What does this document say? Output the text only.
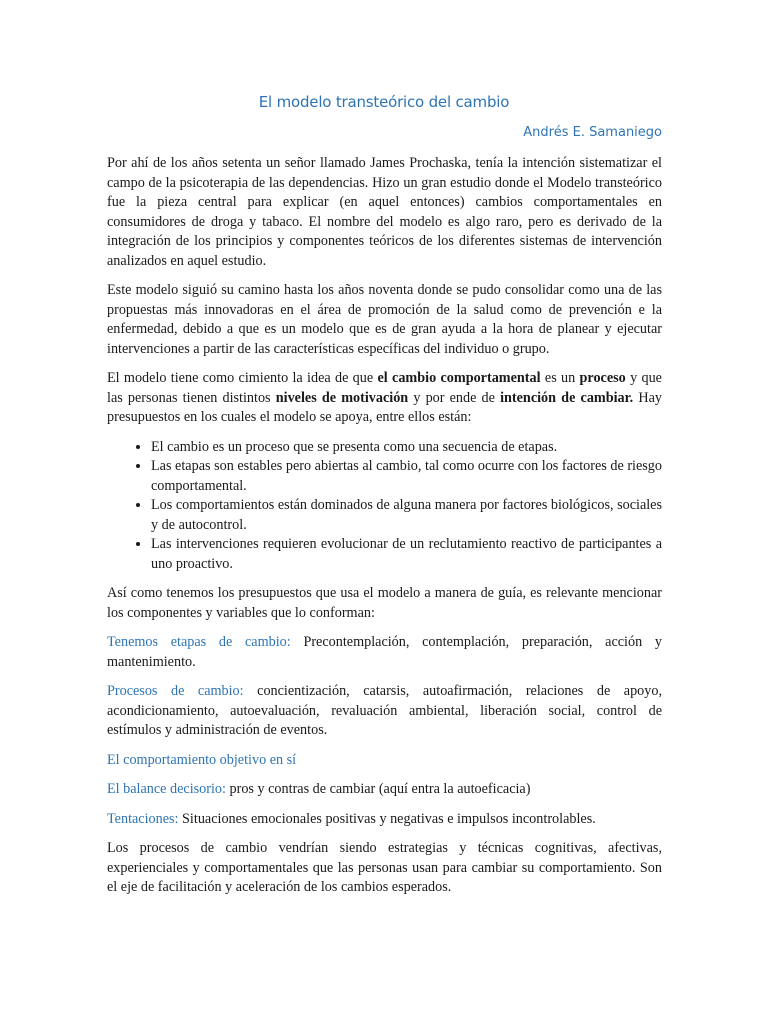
El modelo transteórico del cambio
Andrés E. Samaniego

Por ahí de los años setenta un señor llamado James Prochaska, tenía la intención sistematizar el campo de la psicoterapia de las dependencias. Hizo un gran estudio donde el Modelo transteórico fue la pieza central para explicar (en aquel entonces) cambios comportamentales en consumidores de droga y tabaco. El nombre del modelo es algo raro, pero es derivado de la integración de los principios y componentes teóricos de los diferentes sistemas de intervención analizados en aquel estudio.

Este modelo siguió su camino hasta los años noventa donde se pudo consolidar como una de las propuestas más innovadoras en el área de promoción de la salud como de prevención e la enfermedad, debido a que es un modelo que es de gran ayuda a la hora de planear y ejecutar intervenciones a partir de las características específicas del individuo o grupo.

El modelo tiene como cimiento la idea de que el cambio comportamental es un proceso y que las personas tienen distintos niveles de motivación y por ende de intención de cambiar. Hay presupuestos en los cuales el modelo se apoya, entre ellos están:

• El cambio es un proceso que se presenta como una secuencia de etapas.
• Las etapas son estables pero abiertas al cambio, tal como ocurre con los factores de riesgo comportamental.
• Los comportamientos están dominados de alguna manera por factores biológicos, sociales y de autocontrol.
• Las intervenciones requieren evolucionar de un reclutamiento reactivo de participantes a uno proactivo.

Así como tenemos los presupuestos que usa el modelo a manera de guía, es relevante mencionar los componentes y variables que lo conforman:

Tenemos etapas de cambio: Precontemplación, contemplación, preparación, acción y mantenimiento.

Procesos de cambio: concientización, catarsis, autoafirmación, relaciones de apoyo, acondicionamiento, autoevaluación, revaluación ambiental, liberación social, control de estímulos y administración de eventos.

El comportamiento objetivo en sí

El balance decisorio: pros y contras de cambiar (aquí entra la autoeficacia)

Tentaciones: Situaciones emocionales positivas y negativas e impulsos incontrolables.

Los procesos de cambio vendrían siendo estrategias y técnicas cognitivas, afectivas, experienciales y comportamentales que las personas usan para cambiar su comportamiento. Son el eje de facilitación y aceleración de los cambios esperados.
